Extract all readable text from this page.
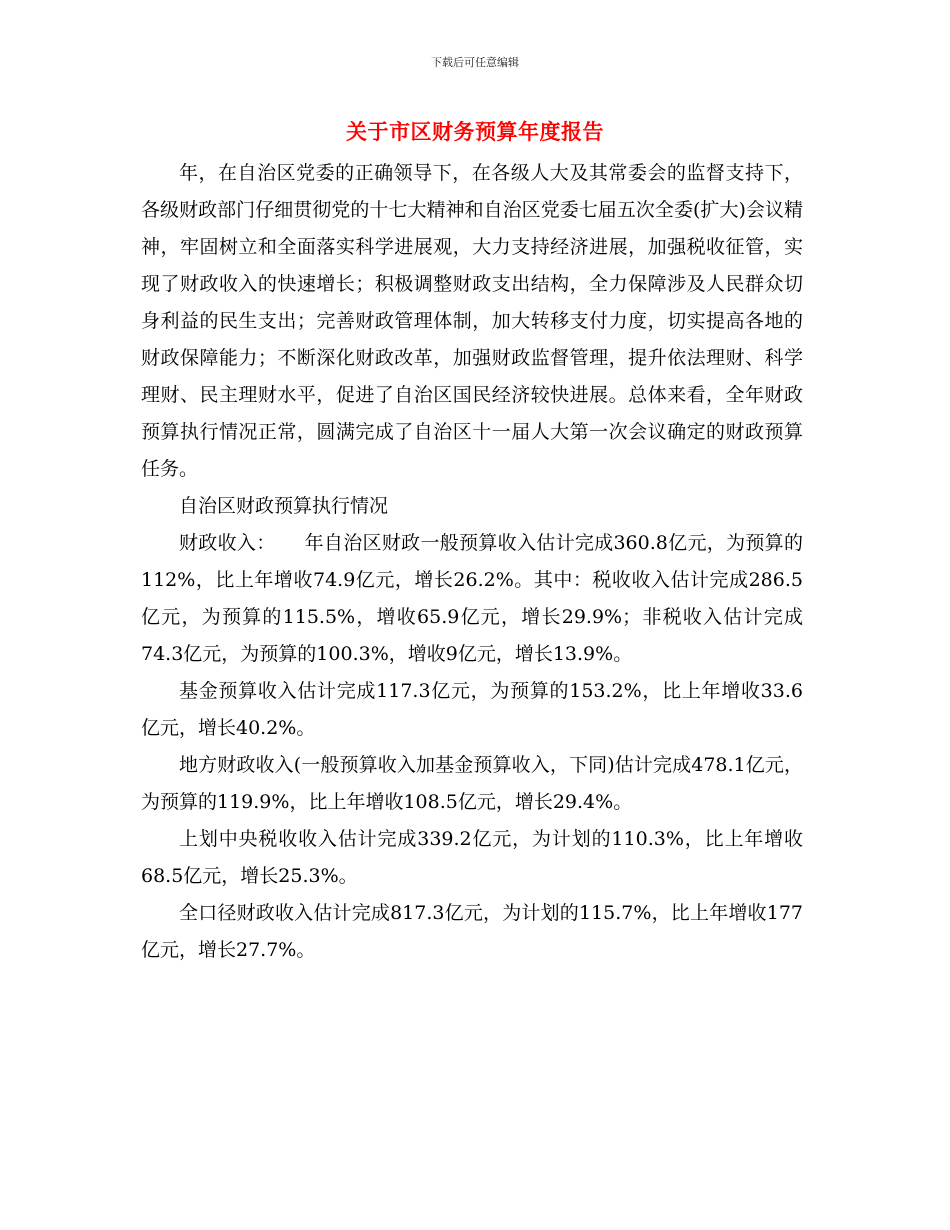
下载后可任意编辑
关于市区财务预算年度报告

年，在自治区党委的正确领导下，在各级人大及其常委会的监督支持下，各级财政部门仔细贯彻党的十七大精神和自治区党委七届五次全委(扩大)会议精神，牢固树立和全面落实科学进展观，大力支持经济进展，加强税收征管，实现了财政收入的快速增长；积极调整财政支出结构，全力保障涉及人民群众切身利益的民生支出；完善财政管理体制，加大转移支付力度，切实提高各地的财政保障能力；不断深化财政改革，加强财政监督管理，提升依法理财、科学理财、民主理财水平，促进了自治区国民经济较快进展。总体来看，全年财政预算执行情况正常，圆满完成了自治区十一届人大第一次会议确定的财政预算任务。

自治区财政预算执行情况

财政收入：　　年自治区财政一般预算收入估计完成360.8亿元，为预算的112%，比上年增收74.9亿元，增长26.2%。其中：税收收入估计完成286.5亿元，为预算的115.5%，增收65.9亿元，增长29.9%；非税收入估计完成74.3亿元，为预算的100.3%，增收9亿元，增长13.9%。

基金预算收入估计完成117.3亿元，为预算的153.2%，比上年增收33.6亿元，增长40.2%。

地方财政收入(一般预算收入加基金预算收入，下同)估计完成478.1亿元，为预算的119.9%，比上年增收108.5亿元，增长29.4%。

上划中央税收收入估计完成339.2亿元，为计划的110.3%，比上年增收68.5亿元，增长25.3%。

全口径财政收入估计完成817.3亿元，为计划的115.7%，比上年增收177亿元，增长27.7%。
